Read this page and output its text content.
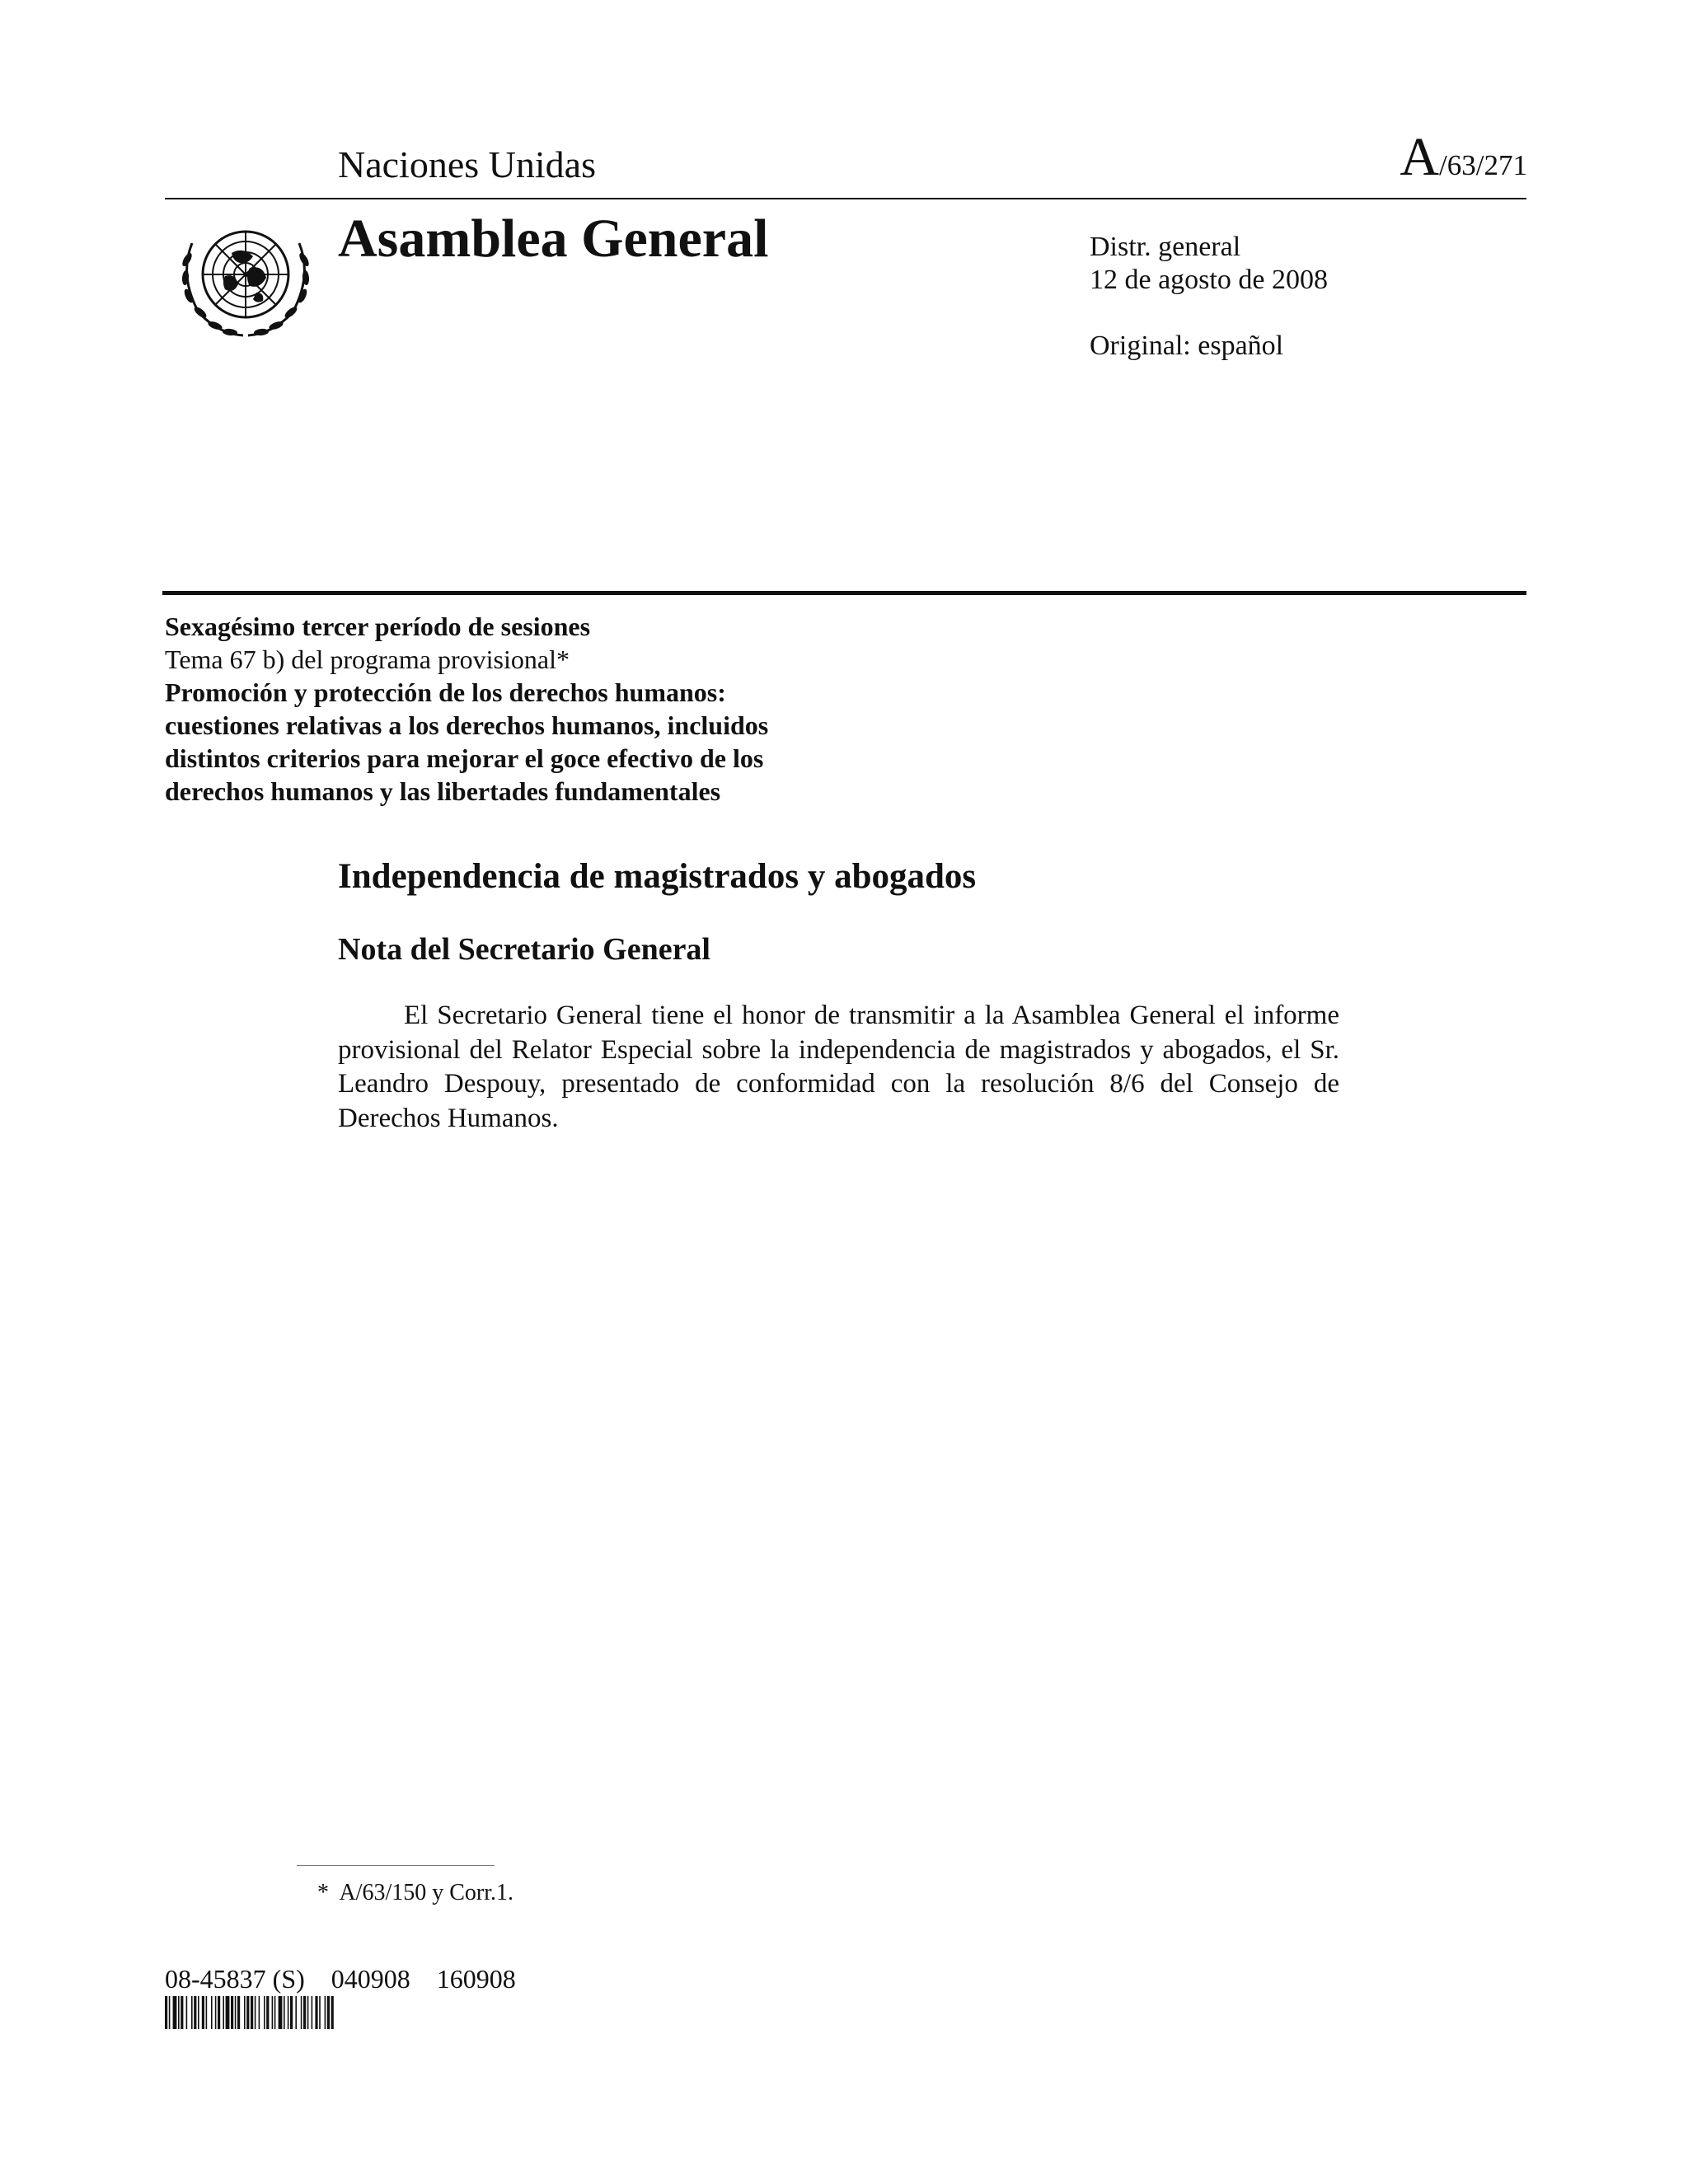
Naciones Unidas	A/63/271
Asamblea General	Distr. general
12 de agosto de 2008
Original: español
Sexagésimo tercer período de sesiones
Tema 67 b) del programa provisional*
Promoción y protección de los derechos humanos:
cuestiones relativas a los derechos humanos, incluidos
distintos criterios para mejorar el goce efectivo de los
derechos humanos y las libertades fundamentales
Independencia de magistrados y abogados
Nota del Secretario General
El Secretario General tiene el honor de transmitir a la Asamblea General el informe provisional del Relator Especial sobre la independencia de magistrados y abogados, el Sr. Leandro Despouy, presentado de conformidad con la resolución 8/6 del Consejo de Derechos Humanos.
*  A/63/150 y Corr.1.
08-45837 (S)    040908    160908
